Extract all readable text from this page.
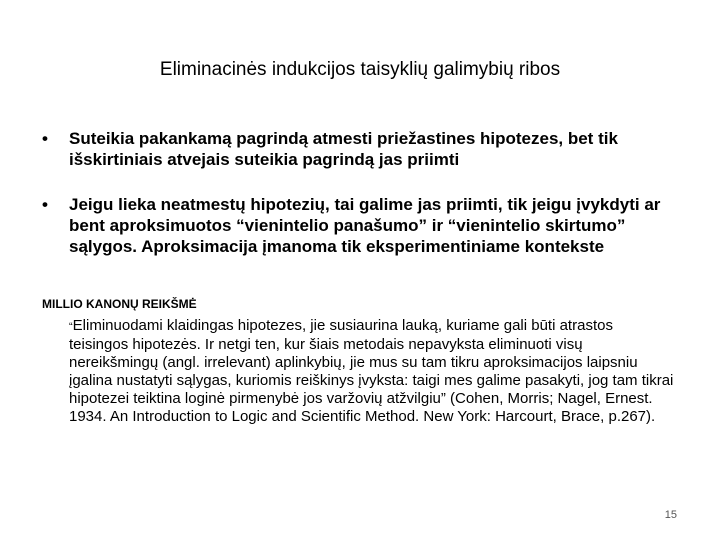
Eliminacinės indukcijos taisyklių galimybių ribos
• Suteikia pakankamą pagrindą atmesti priežastines hipotezes, bet tik išskirtiniais atvejais suteikia pagrindą jas priimti
• Jeigu lieka neatmestų hipotezių, tai galime jas priimti, tik jeigu įvykdyti ar bent aproksimuotos “vienintelio panašumo” ir “vienintelio skirtumo” sąlygos. Aproksimacija įmanoma tik eksperimentiniame kontekste
MILLIO KANONŲ REIKŠMĖ
“Eliminuodami klaidingas hipotezes, jie susiaurina lauką, kuriame gali būti atrastos teisingos hipotezės. Ir netgi ten, kur šiais metodais nepavyksta eliminuoti visų nereikšmingų (angl. irrelevant) aplinkybių, jie mus su tam tikru aproksimacijos laipsniu įgalina nustatyti sąlygas, kuriomis reiškinys įvyksta: taigi mes galime pasakyti, jog tam tikrai hipotezei teiktina loginė pirmenybė jos varžovių atžvilgiu” (Cohen, Morris; Nagel, Ernest. 1934. An Introduction to Logic and Scientific Method. New York: Harcourt, Brace, p.267).
15
